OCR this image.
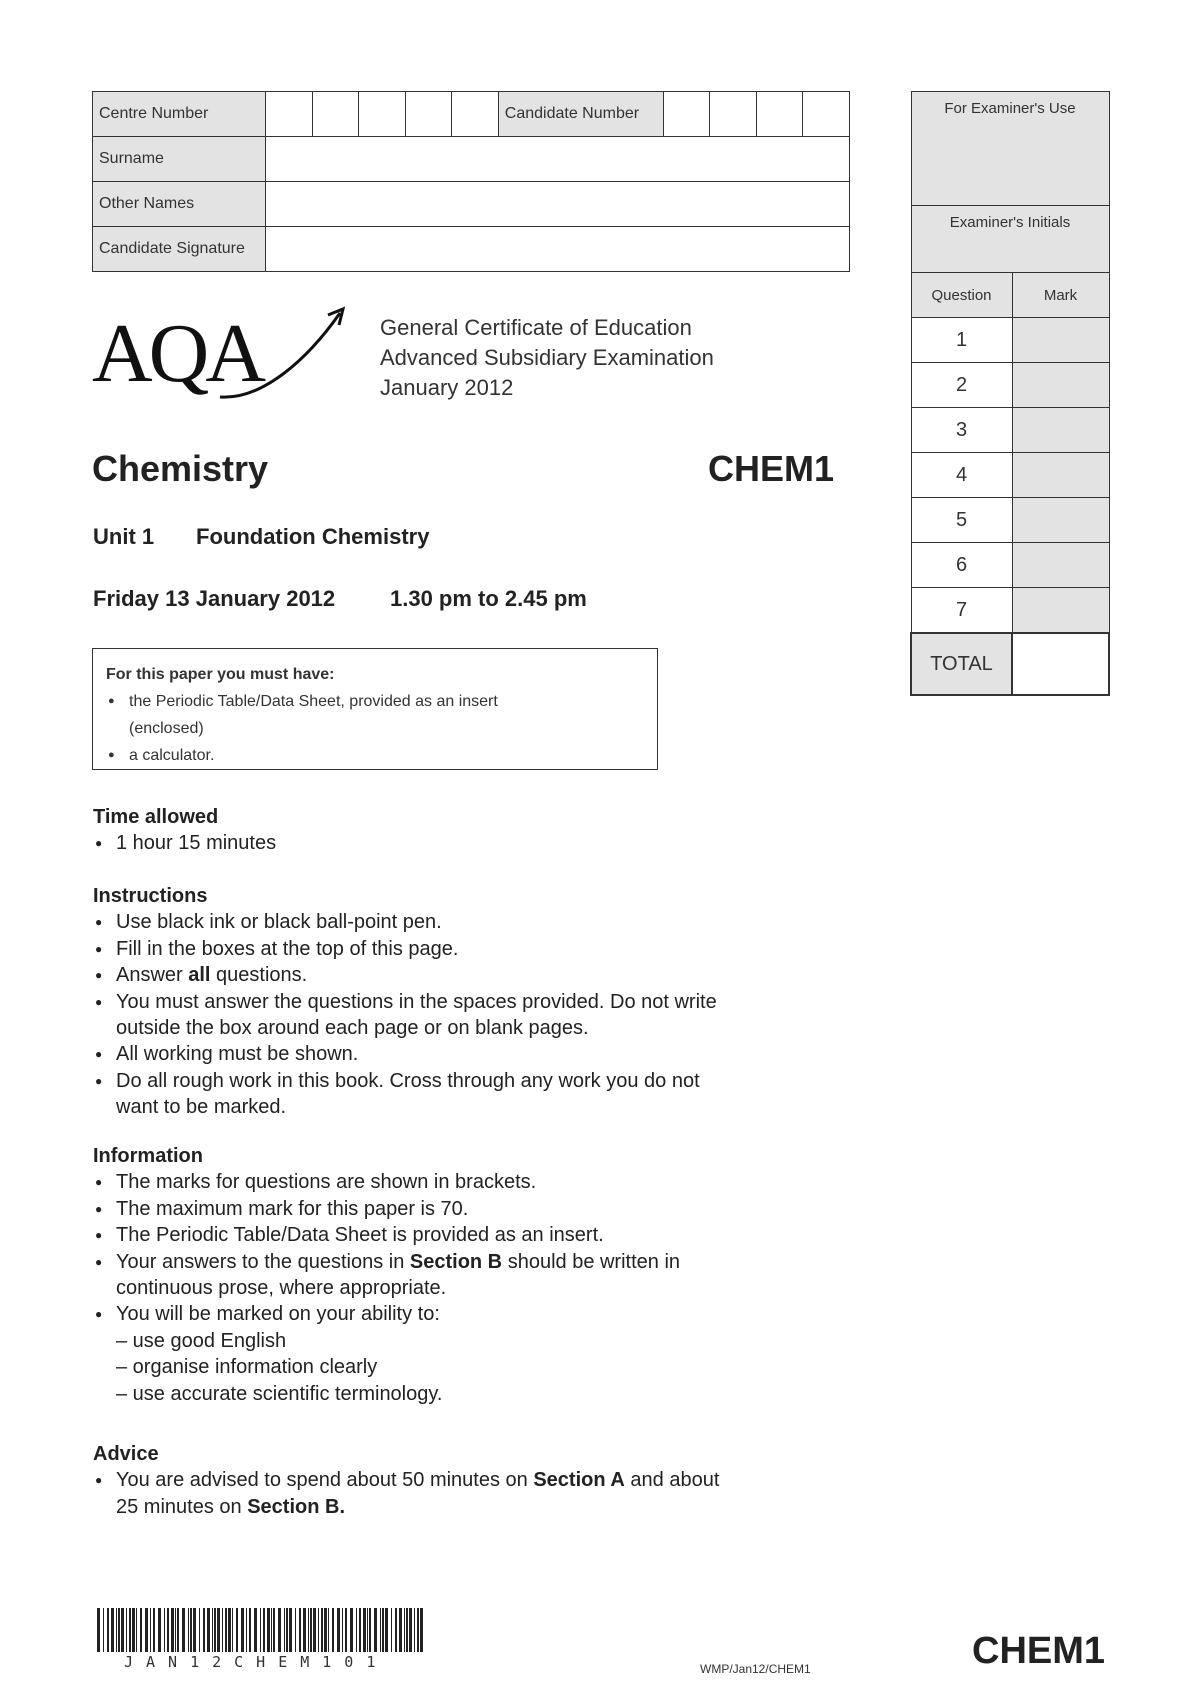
Centre Number						Candidate Number				
Surname										
Other Names										
Candidate Signature										
For Examiner's Use	
Examiner's Initials	
Question	Mark
1	
2	
3	
4	
5	
6	
7	
TOTAL	
AQA	General Certificate of Education
Advanced Subsidiary Examination
January 2012
Chemistry	CHEM1
Unit 1 Foundation Chemistry
Friday 13 January 2012 1.30 pm to 2.45 pm
For this paper you must have:
● the Periodic Table/Data Sheet, provided as an insert
(enclosed)
● a calculator.
Time allowed
● 1 hour 15 minutes
Instructions
● Use black ink or black ball-point pen.
● Fill in the boxes at the top of this page.
● Answer all questions.
● You must answer the questions in the spaces provided. Do not write
outside the box around each page or on blank pages.
● All working must be shown.
● Do all rough work in this book. Cross through any work you do not
want to be marked.
Information
● The marks for questions are shown in brackets.
● The maximum mark for this paper is 70.
● The Periodic Table/Data Sheet is provided as an insert.
● Your answers to the questions in Section B should be written in
continuous prose, where appropriate.
● You will be marked on your ability to:
– use good English
– organise information clearly
– use accurate scientific terminology.
Advice
● You are advised to spend about 50 minutes on Section A and about
25 minutes on Section B.
JAN12CHEM101	WMP/Jan12/CHEM1	CHEM1
